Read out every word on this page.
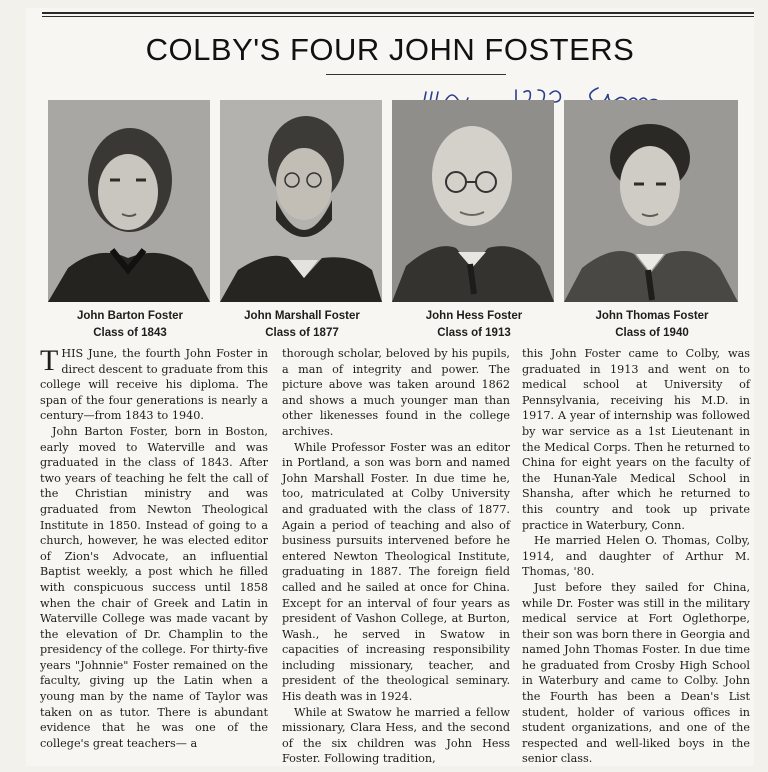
COLBY'S FOUR JOHN FOSTERS
John Barton Foster
Class of 1843
John Marshall Foster
Class of 1877
John Hess Foster
Class of 1913
John Thomas Foster
Class of 1940

THIS June, the fourth John Foster in direct descent to graduate from this college will receive his diploma. The span of the four generations is nearly a century—from 1843 to 1940.

John Barton Foster, born in Boston, early moved to Waterville and was graduated in the class of 1843. After two years of teaching he felt the call of the Christian ministry and was graduated from Newton Theological Institute in 1850. Instead of going to a church, however, he was elected editor of Zion's Advocate, an influential Baptist weekly, a post which he filled with conspicuous success until 1858 when the chair of Greek and Latin in Waterville College was made vacant by the elevation of Dr. Champlin to the presidency of the college. For thirty-five years "Johnnie" Foster remained on the faculty, giving up the Latin when a young man by the name of Taylor was taken on as tutor. There is abundant evidence that he was one of the college's great teachers— a

thorough scholar, beloved by his pupils, a man of integrity and power. The picture above was taken around 1862 and shows a much younger man than other likenesses found in the college archives.

While Professor Foster was an editor in Portland, a son was born and named John Marshall Foster. In due time he, too, matriculated at Colby University and graduated with the class of 1877. Again a period of teaching and also of business pursuits intervened before he entered Newton Theological Institute, graduating in 1887. The foreign field called and he sailed at once for China. Except for an interval of four years as president of Vashon College, at Burton, Wash., he served in Swatow in capacities of increasing responsibility including missionary, teacher, and president of the theological seminary. His death was in 1924.

While at Swatow he married a fellow missionary, Clara Hess, and the second of the six children was John Hess Foster. Following tradition,

this John Foster came to Colby, was graduated in 1913 and went on to medical school at University of Pennsylvania, receiving his M.D. in 1917. A year of internship was followed by war service as a 1st Lieutenant in the Medical Corps. Then he returned to China for eight years on the faculty of the Hunan-Yale Medical School in Shansha, after which he returned to this country and took up private practice in Waterbury, Conn.

He married Helen O. Thomas, Colby, 1914, and daughter of Arthur M. Thomas, '80.

Just before they sailed for China, while Dr. Foster was still in the military medical service at Fort Oglethorpe, their son was born there in Georgia and named John Thomas Foster. In due time he graduated from Crosby High School in Waterbury and came to Colby. John the Fourth has been a Dean's List student, holder of various offices in student organizations, and one of the respected and well-liked boys in the senior class.
